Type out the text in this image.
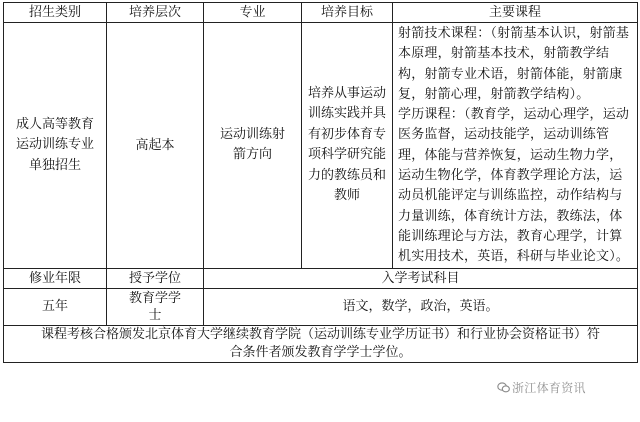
招生类别	培养层次	专业	培养目标	主要课程
成人高等教育运动训练专业单独招生	高起本	运动训练射箭方向	培养从事运动训练实践并具有初步体育专项科学研究能力的教练员和教师	射箭技术课程：（射箭基本认识，射箭基本原理，射箭基本技术，射箭教学结构，射箭专业术语，射箭体能，射箭康复，射箭心理，射箭教学结构）。
学历课程：（教育学，运动心理学，运动医务监督，运动技能学，运动训练管理，体能与营养恢复，运动生物力学，运动生物化学，体育教学理论方法，运动员机能评定与训练监控，动作结构与力量训练，体育统计方法，教练法，体能训练理论与方法，教育心理学，计算机实用技术，英语，科研与毕业论文）。

修业年限	授予学位	入学考试科目		
五年	教育学学士	语文，数学，政治，英语。		
课程考核合格颁发北京体育大学继续教育学院（运动训练专业学历证书）和行业协会资格证书）符合条件者颁发教育学学士学位。				
浙江体育资讯
